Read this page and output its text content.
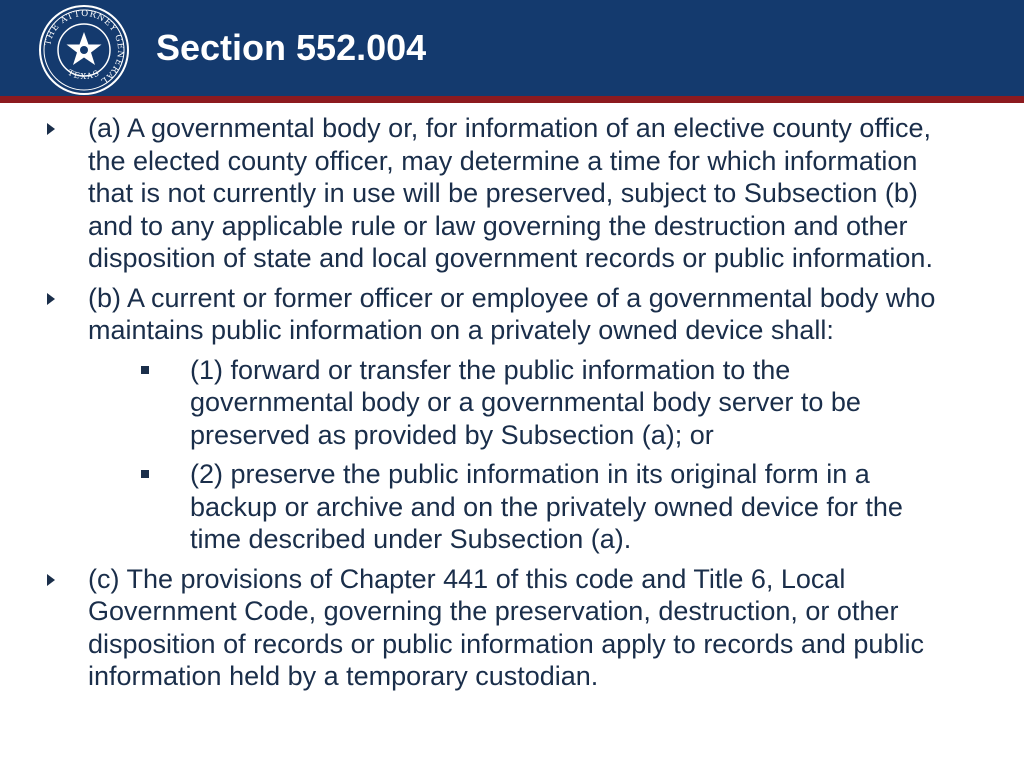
THE ATTORNEY GENERAL
TEXAS
Section 552.004
(a) A governmental body or, for information of an elective county office, the elected county officer, may determine a time for which information that is not currently in use will be preserved, subject to Subsection (b) and to any applicable rule or law governing the destruction and other disposition of state and local government records or public information.
(b) A current or former officer or employee of a governmental body who maintains public information on a privately owned device shall:
(1) forward or transfer the public information to the governmental body or a governmental body server to be preserved as provided by Subsection (a); or
(2) preserve the public information in its original form in a backup or archive and on the privately owned device for the time described under Subsection (a).
(c) The provisions of Chapter 441 of this code and Title 6, Local Government Code, governing the preservation, destruction, or other disposition of records or public information apply to records and public information held by a temporary custodian.
